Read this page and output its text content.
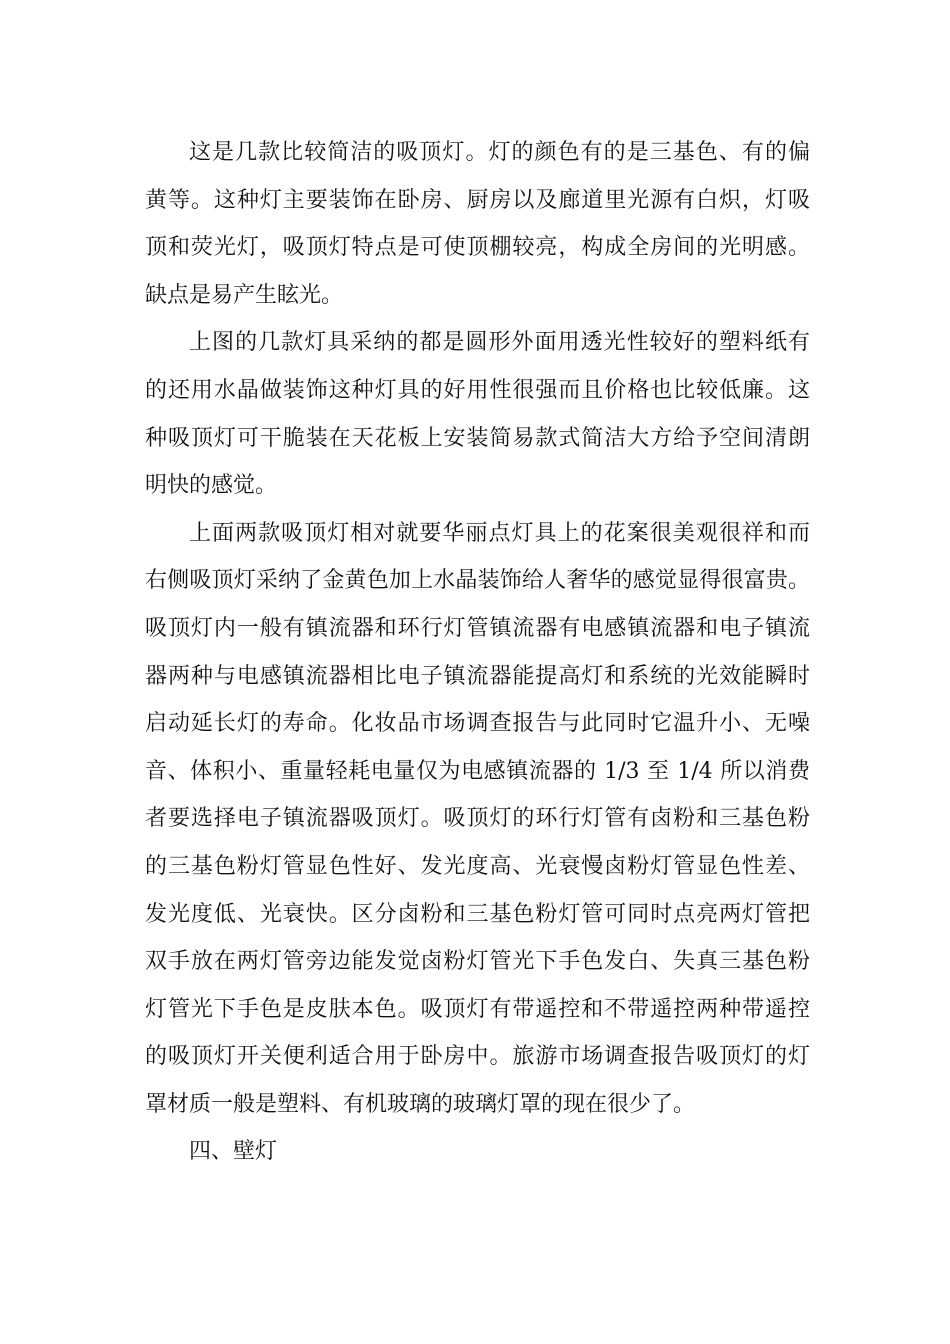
这是几款比较简洁的吸顶灯。灯的颜色有的是三基色、有的偏
黄等。这种灯主要装饰在卧房、厨房以及廊道里光源有白炽，灯吸
顶和荧光灯，吸顶灯特点是可使顶棚较亮，构成全房间的光明感。
缺点是易产生眩光。
上图的几款灯具采纳的都是圆形外面用透光性较好的塑料纸有
的还用水晶做装饰这种灯具的好用性很强而且价格也比较低廉。这
种吸顶灯可干脆装在天花板上安装简易款式简洁大方给予空间清朗
明快的感觉。
上面两款吸顶灯相对就要华丽点灯具上的花案很美观很祥和而
右侧吸顶灯采纳了金黄色加上水晶装饰给人奢华的感觉显得很富贵。
吸顶灯内一般有镇流器和环行灯管镇流器有电感镇流器和电子镇流
器两种与电感镇流器相比电子镇流器能提高灯和系统的光效能瞬时
启动延长灯的寿命。化妆品市场调查报告与此同时它温升小、无噪
音、体积小、重量轻耗电量仅为电感镇流器的 1/3 至 1/4 所以消费
者要选择电子镇流器吸顶灯。吸顶灯的环行灯管有卤粉和三基色粉
的三基色粉灯管显色性好、发光度高、光衰慢卤粉灯管显色性差、
发光度低、光衰快。区分卤粉和三基色粉灯管可同时点亮两灯管把
双手放在两灯管旁边能发觉卤粉灯管光下手色发白、失真三基色粉
灯管光下手色是皮肤本色。吸顶灯有带遥控和不带遥控两种带遥控
的吸顶灯开关便利适合用于卧房中。旅游市场调查报告吸顶灯的灯
罩材质一般是塑料、有机玻璃的玻璃灯罩的现在很少了。
四、壁灯
